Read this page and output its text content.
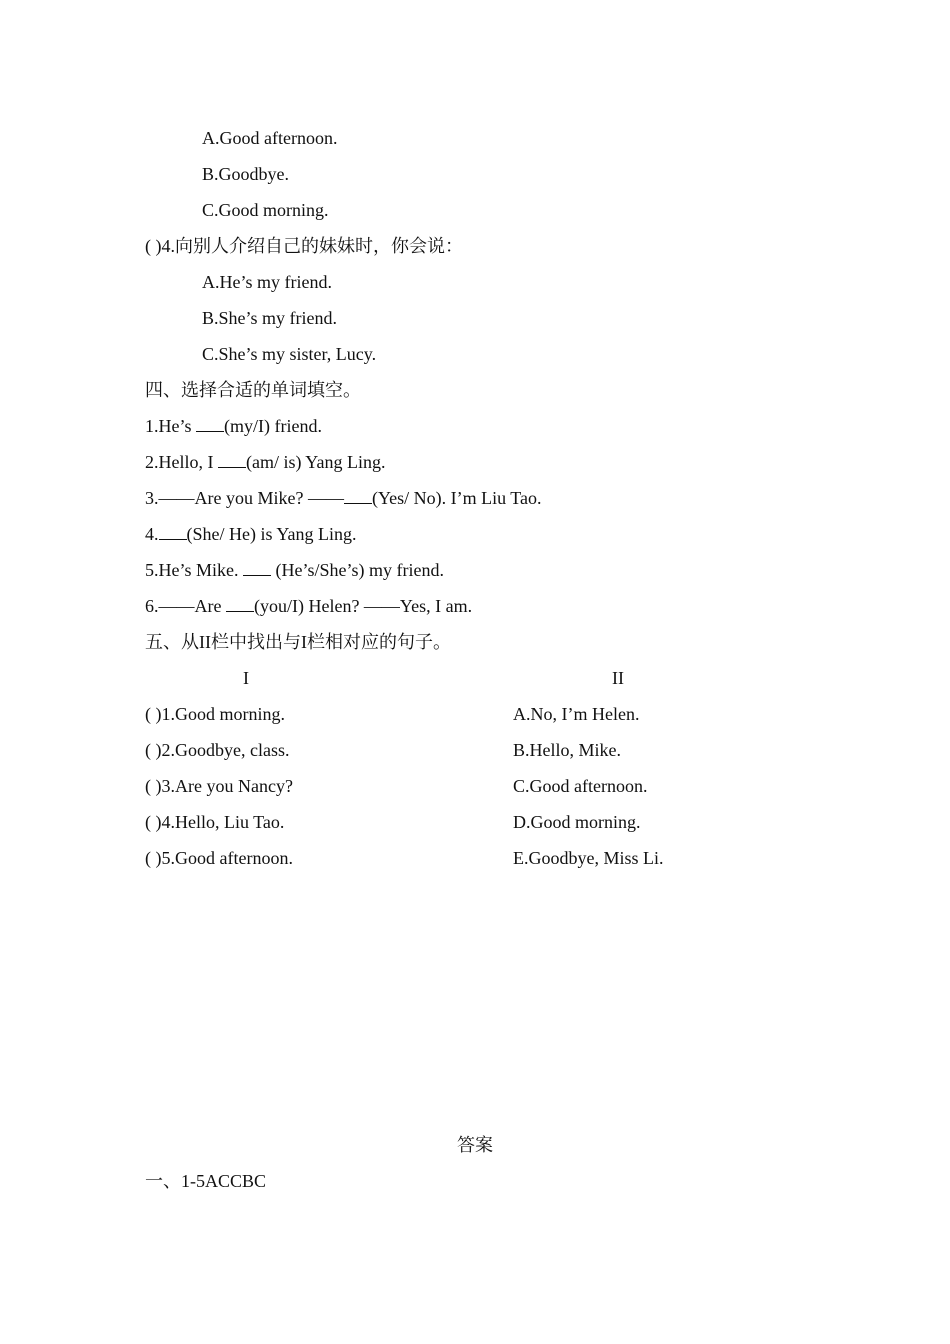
A.Good afternoon.
B.Goodbye.
C.Good morning.
( )4.向别人介绍自己的妹妹时，你会说：
A.He’s my friend.
B.She’s my friend.
C.She’s my sister, Lucy.
四、选择合适的单词填空。
1.He’s (my/I) friend.
2.Hello, I (am/ is) Yang Ling.
3.——Are you Mike? —— (Yes/ No). I’m Liu Tao.
4. (She/ He) is Yang Ling.
5.He’s Mike.  (He’s/She’s) my friend.
6.——Are (you/I) Helen? ——Yes, I am.
五、从II栏中找出与I栏相对应的句子。
I	II
( )1.Good morning.
( )2.Goodbye, class.
( )3.Are you Nancy?
( )4.Hello, Liu Tao.
( )5.Good afternoon.
A.No, I’m Helen.
B.Hello, Mike.
C.Good afternoon.
D.Good morning.
E.Goodbye, Miss Li.
答案
一、1-5ACCBC
